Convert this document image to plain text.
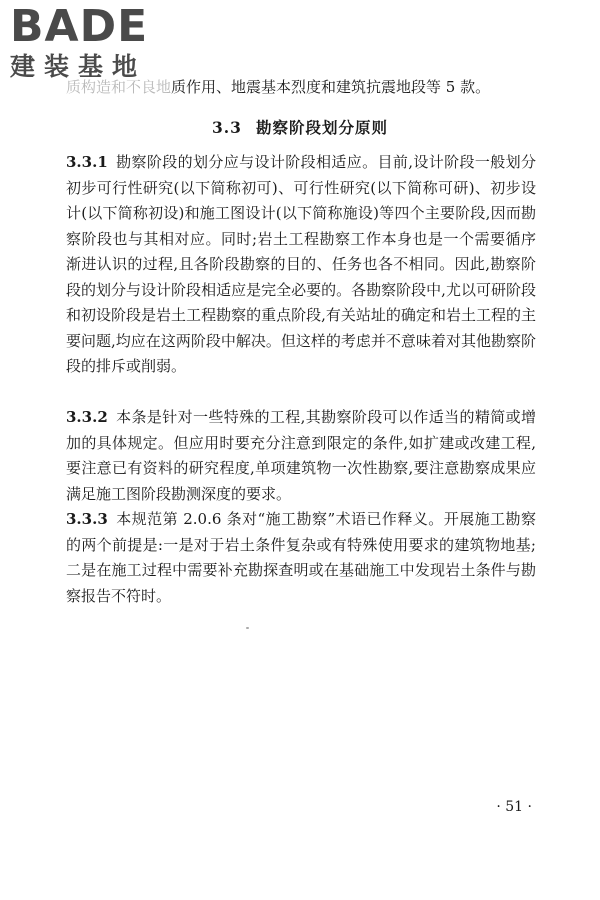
BADE
建装基地
质构造和不良地质作用、地震基本烈度和建筑抗震地段等 5 款。
3.3 勘察阶段划分原则

3.3.1 勘察阶段的划分应与设计阶段相适应。目前,设计阶段一般划分初步可行性研究(以下简称初可)、可行性研究(以下简称可研)、初步设计(以下简称初设)和施工图设计(以下简称施设)等四个主要阶段,因而勘察阶段也与其相对应。同时;岩土工程勘察工作本身也是一个需要循序渐进认识的过程,且各阶段勘察的目的、任务也各不相同。因此,勘察阶段的划分与设计阶段相适应是完全必要的。各勘察阶段中,尤以可研阶段和初设阶段是岩土工程勘察的重点阶段,有关站址的确定和岩土工程的主要问题,均应在这两阶段中解决。但这样的考虑并不意味着对其他勘察阶段的排斥或削弱。

3.3.2 本条是针对一些特殊的工程,其勘察阶段可以作适当的精简或增加的具体规定。但应用时要充分注意到限定的条件,如扩建或改建工程,要注意已有资料的研究程度,单项建筑物一次性勘察,要注意勘察成果应满足施工图阶段勘测深度的要求。

3.3.3 本规范第 2.0.6 条对“施工勘察”术语已作释义。开展施工勘察的两个前提是:一是对于岩土条件复杂或有特殊使用要求的建筑物地基;二是在施工过程中需要补充勘探查明或在基础施工中发现岩土条件与勘察报告不符时。

· 51 ·
